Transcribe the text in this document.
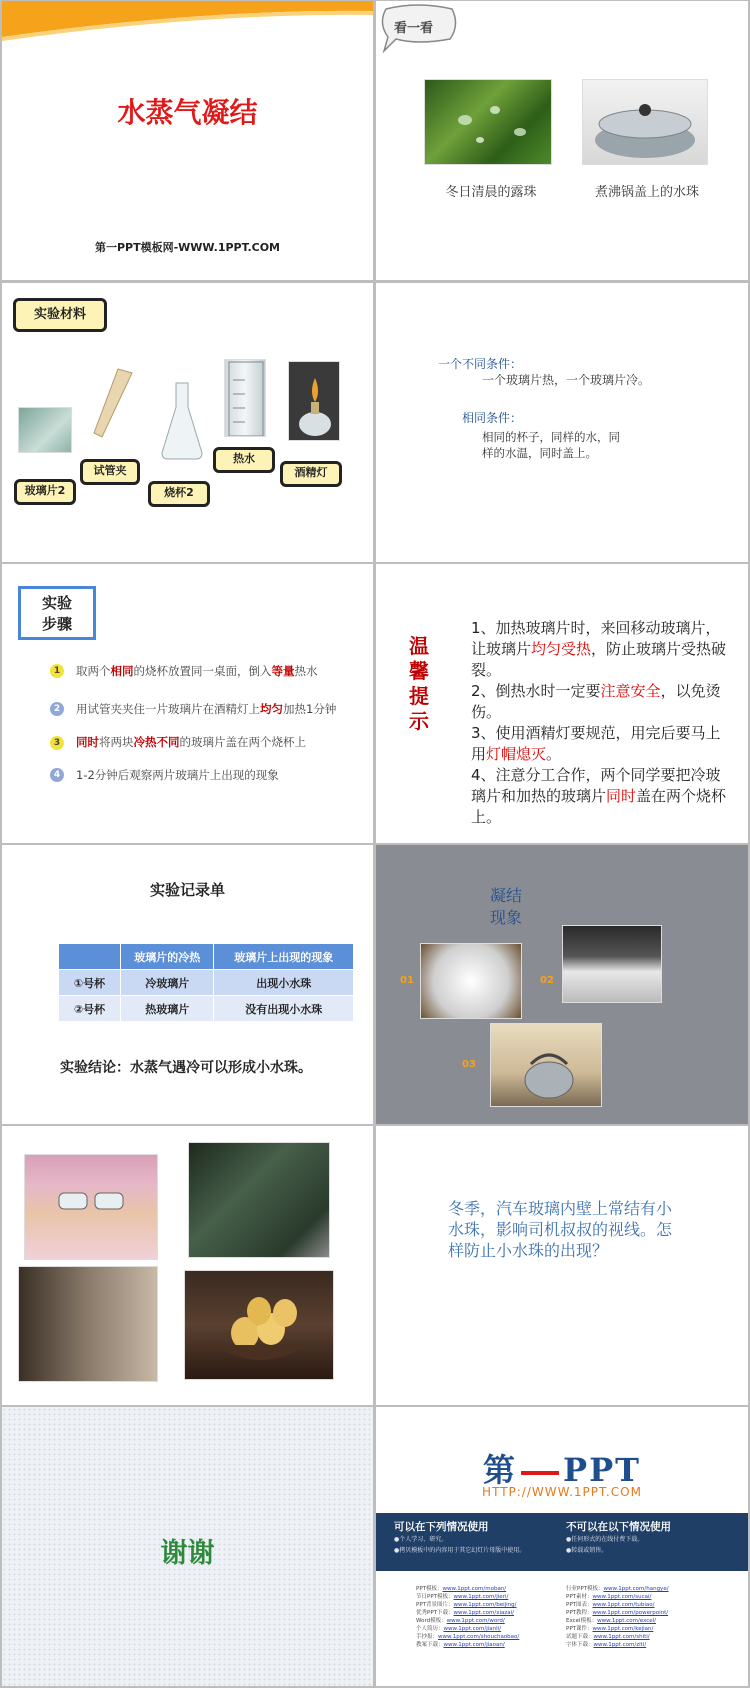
水蒸气凝结
第一PPT模板网-WWW.1PPT.COM
看一看
冬日清晨的露珠	煮沸锅盖上的水珠
实验材料
玻璃片2
试管夹
烧杯2
热水
酒精灯
一个不同条件：
一个玻璃片热，一个玻璃片冷。
相同条件：
相同的杯子，同样的水，同
样的水温，同时盖上。
实验
步骤
1	取两个相同的烧杯放置同一桌面，倒入等量热水
2	用试管夹夹住一片玻璃片在酒精灯上均匀加热1分钟
3	同时将两块冷热不同的玻璃片盖在两个烧杯上
4	1-2分钟后观察两片玻璃片上出现的现象
温
馨
提
示
1、加热玻璃片时，来回移动玻璃片，让玻璃片均匀受热，防止玻璃片受热破裂。
2、倒热水时一定要注意安全，以免烫伤。
3、使用酒精灯要规范，用完后要马上用灯帽熄灭。
4、注意分工合作，两个同学要把冷玻璃片和加热的玻璃片同时盖在两个烧杯上。
实验记录单
	玻璃片的冷热	玻璃片上出现的现象
①号杯	冷玻璃片	出现小水珠
②号杯	热玻璃片	没有出现小水珠
实验结论：水蒸气遇冷可以形成小水珠。
凝结
现象
01	02
03
冬季，汽车玻璃内壁上常结有小水珠，影响司机叔叔的视线。怎样防止小水珠的出现？
谢谢
第 PPT
HTTP://WWW.1PPT.COM
可以在下列情况使用
●个人学习、研究。
●拷贝模板中的内容用于其它幻灯片母版中使用。
不可以在以下情况使用
●任何形式的在线付费下载。
●转载或销售。
PPT模板：www.1ppt.com/moban/
节日PPT模板：www.1ppt.com/jieri/
PPT背景图片：www.1ppt.com/beijing/
优秀PPT下载：www.1ppt.com/xiazai/
Word模板：www.1ppt.com/word/
个人简历：www.1ppt.com/jianli/
手抄报：www.1ppt.com/shouchaobao/
教案下载：www.1ppt.com/jiaoan/
行业PPT模板：www.1ppt.com/hangye/
PPT素材：www.1ppt.com/sucai/
PPT图表：www.1ppt.com/tubiao/
PPT教程：www.1ppt.com/powerpoint/
Excel模板：www.1ppt.com/excel/
PPT课件：www.1ppt.com/kejian/
试题下载：www.1ppt.com/shiti/
字体下载：www.1ppt.com/ziti/
